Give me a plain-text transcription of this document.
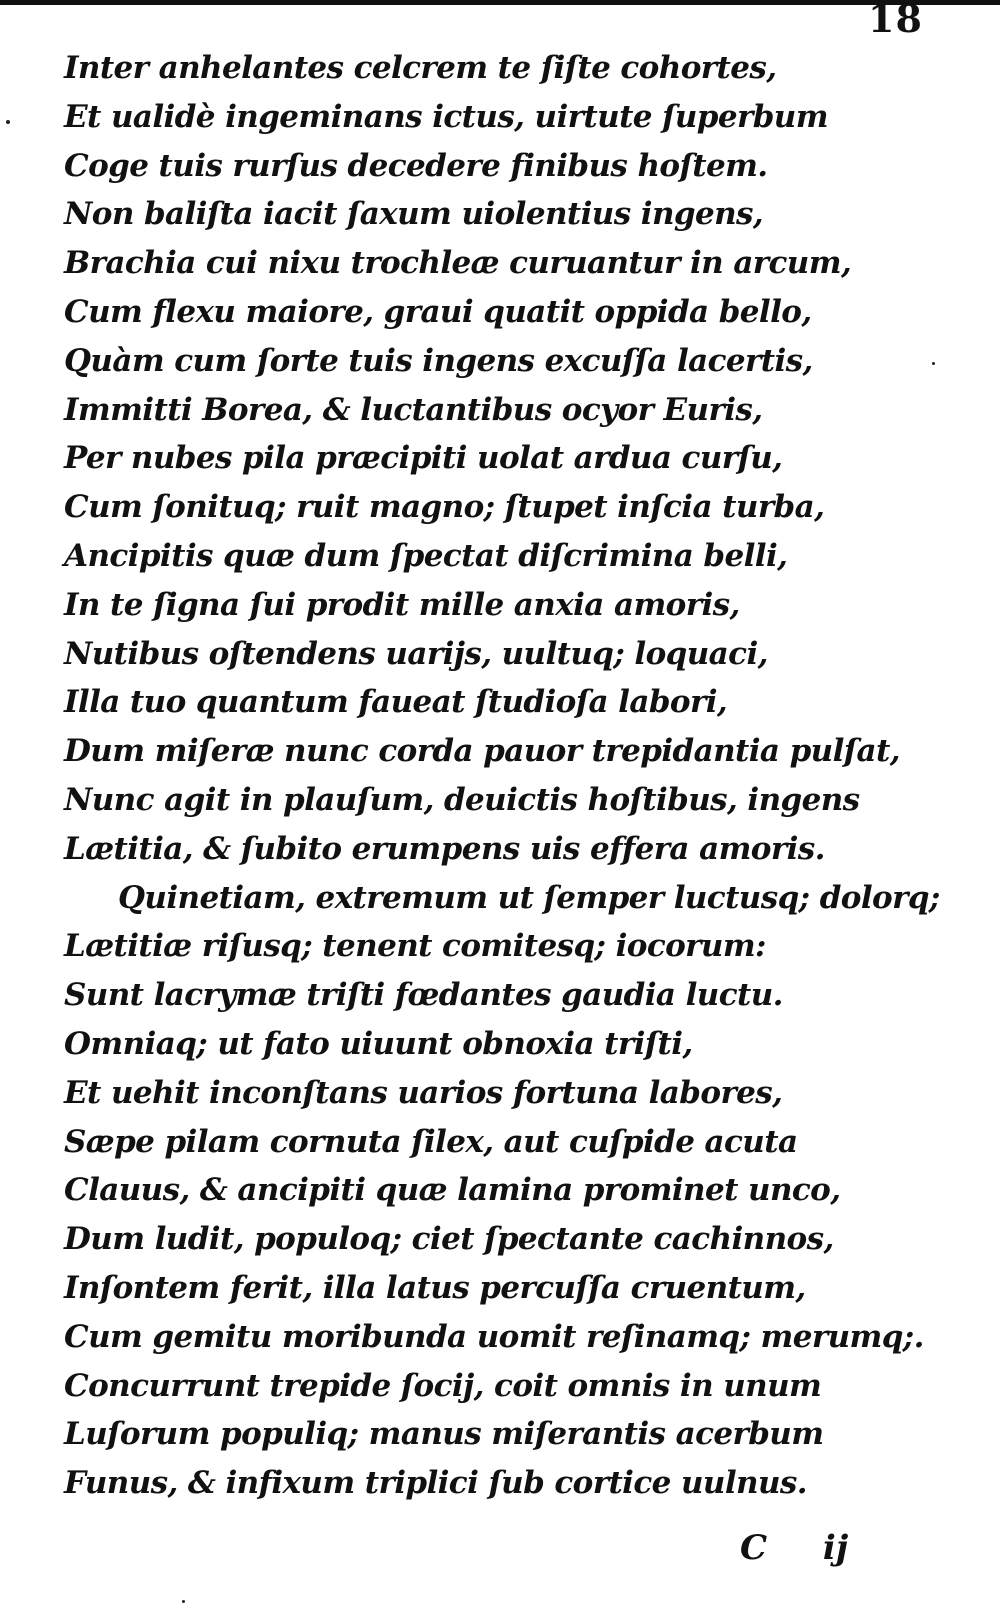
18
Inter anhelantes celcrem te ſiſte cohortes,
Et ualidè ingeminans ictus, uirtute ſuperbum
Coge tuis rurſus decedere finibus hoſtem.
Non baliſta iacit ſaxum uiolentius ingens,
Brachia cui nixu trochleæ curuantur in arcum,
Cum flexu maiore, graui quatit oppida bello,
Quàm cum ſorte tuis ingens excuſſa lacertis,
Immitti Borea, & luctantibus ocyor Euris,
Per nubes pila præcipiti uolat ardua curſu,
Cum ſonituq; ruit magno; ſtupet inſcia turba,
Ancipitis quæ dum ſpectat diſcrimina belli,
In te ſigna ſui prodit mille anxia amoris,
Nutibus oſtendens uarijs, uultuq; loquaci,
Illa tuo quantum faueat ſtudioſa labori,
Dum miſeræ nunc corda pauor trepidantia pulſat,
Nunc agit in plauſum, deuictis hoſtibus, ingens
Lætitia, & ſubito erumpens uis effera amoris.
Quinetiam, extremum ut ſemper luctusq; dolorq;
Lætitiæ riſusq; tenent comitesq; iocorum:
Sunt lacrymæ triſti fœdantes gaudia luctu.
Omniaq; ut fato uiuunt obnoxia triſti,
Et uehit inconſtans uarios fortuna labores,
Sæpe pilam cornuta ſilex, aut cuſpide acuta
Clauus, & ancipiti quæ lamina prominet unco,
Dum ludit, populoq; ciet ſpectante cachinnos,
Inſontem ferit, illa latus percuſſa cruentum,
Cum gemitu moribunda uomit reſinamq; merumq;.
Concurrunt trepide ſocij, coit omnis in unum
Luſorum populiq; manus miſerantis acerbum
Funus, & infixum triplici ſub cortice uulnus.
C ij
